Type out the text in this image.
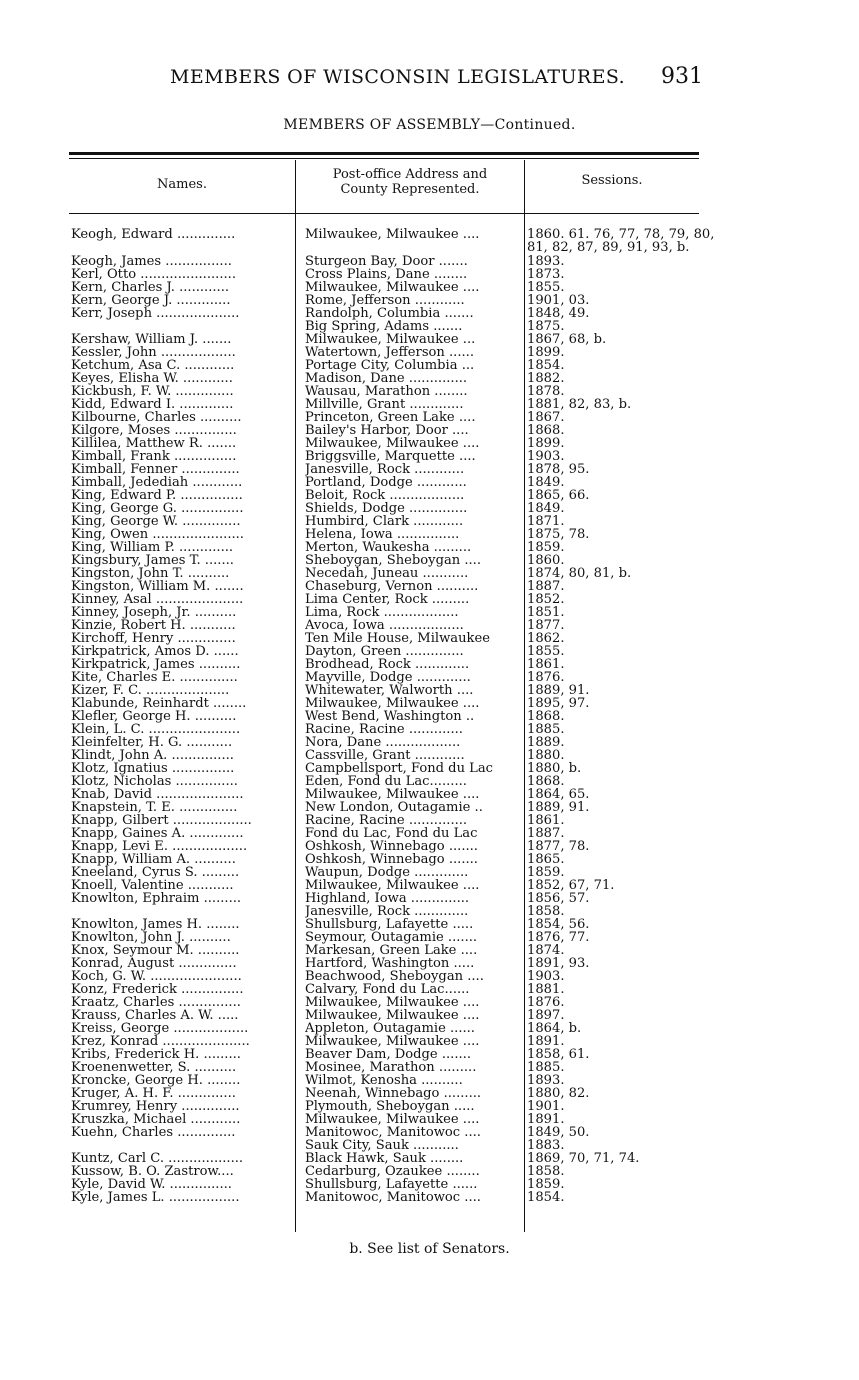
MEMBERS OF WISCONSIN LEGISLATURES. 931
MEMBERS OF ASSEMBLY—Continued.
Names.
Post-office Address and
County Represented.
Sessions.
Keogh, Edward ..............	Milwaukee, Milwaukee ....	1860. 61. 76, 77, 78, 79, 80,
81, 82, 87, 89, 91, 93, b.
Keogh, James ................	Sturgeon Bay, Door .......	1893.
Kerl, Otto .......................	Cross Plains, Dane ........	1873.
Kern, Charles J. ............	Milwaukee, Milwaukee ....	1855.
Kern, George J. .............	Rome, Jefferson ............	1901, 03.
Kerr, Joseph ....................	Randolph, Columbia .......	1848, 49.
Big Spring, Adams .......	1875.
Kershaw, William J. .......	Milwaukee, Milwaukee ...	1867, 68, b.
Kessler, John ..................	Watertown, Jefferson ......	1899.
Ketchum, Asa C. ............	Portage City, Columbia ...	1854.
Keyes, Elisha W. ............	Madison, Dane ..............	1882.
Kickbush, F. W. ..............	Wausau, Marathon ........	1878.
Kidd, Edward I. .............	Millville, Grant .............	1881, 82, 83, b.
Kilbourne, Charles ..........	Princeton, Green Lake ....	1867.
Kilgore, Moses ...............	Bailey's Harbor, Door ....	1868.
Killilea, Matthew R. .......	Milwaukee, Milwaukee ....	1899.
Kimball, Frank ...............	Briggsville, Marquette ....	1903.
Kimball, Fenner ..............	Janesville, Rock ............	1878, 95.
Kimball, Jedediah ............	Portland, Dodge ............	1849.
King, Edward P. ...............	Beloit, Rock ..................	1865, 66.
King, George G. ...............	Shields, Dodge ..............	1849.
King, George W. ..............	Humbird, Clark ............	1871.
King, Owen ......................	Helena, Iowa ...............	1875, 78.
King, William P. .............	Merton, Waukesha .........	1859.
Kingsbury, James T. .......	Sheboygan, Sheboygan ....	1860.
Kingston, John T. ..........	Necedah, Juneau ...........	1874, 80, 81, b.
Kingston, William M. .......	Chaseburg, Vernon ..........	1887.
Kinney, Asal .....................	Lima Center, Rock .........	1852.
Kinney, Joseph, Jr. ..........	Lima, Rock ..................	1851.
Kinzie, Robert H. ...........	Avoca, Iowa ..................	1877.
Kirchoff, Henry ..............	Ten Mile House, Milwaukee	1862.
Kirkpatrick, Amos D. ......	Dayton, Green ..............	1855.
Kirkpatrick, James ..........	Brodhead, Rock .............	1861.
Kite, Charles E. ..............	Mayville, Dodge .............	1876.
Kizer, F. C. ....................	Whitewater, Walworth ....	1889, 91.
Klabunde, Reinhardt ........	Milwaukee, Milwaukee ....	1895, 97.
Klefler, George H. ..........	West Bend, Washington ..	1868.
Klein, L. C. ......................	Racine, Racine .............	1885.
Kleinfelter, H. G. ...........	Nora, Dane ..................	1889.
Klindt, John A. ...............	Cassville, Grant ............	1880.
Klotz, Ignatius ...............	Campbellsport, Fond du Lac	1880, b.
Klotz, Nicholas ...............	Eden, Fond du Lac.........	1868.
Knab, David .....................	Milwaukee, Milwaukee ....	1864, 65.
Knapstein, T. E. ..............	New London, Outagamie ..	1889, 91.
Knapp, Gilbert ...................	Racine, Racine ..............	1861.
Knapp, Gaines A. .............	Fond du Lac, Fond du Lac	1887.
Knapp, Levi E. ..................	Oshkosh, Winnebago .......	1877, 78.
Knapp, William A. ..........	Oshkosh, Winnebago .......	1865.
Kneeland, Cyrus S. .........	Waupun, Dodge .............	1859.
Knoell, Valentine ...........	Milwaukee, Milwaukee ....	1852, 67, 71.
Knowlton, Ephraim .........	Highland, Iowa ..............	1856, 57.
Janesville, Rock .............	1858.
Knowlton, James H. ........	Shullsburg, Lafayette .....	1854, 56.
Knowlton, John J. ..........	Seymour, Outagamie .......	1876, 77.
Knox, Seymour M. ..........	Markesan, Green Lake ....	1874.
Konrad, August ..............	Hartford, Washington .....	1891, 93.
Koch, G. W. ......................	Beachwood, Sheboygan ....	1903.
Konz, Frederick ...............	Calvary, Fond du Lac......	1881.
Kraatz, Charles ...............	Milwaukee, Milwaukee ....	1876.
Krauss, Charles A. W. .....	Milwaukee, Milwaukee ....	1897.
Kreiss, George ..................	Appleton, Outagamie ......	1864, b.
Krez, Konrad .....................	Milwaukee, Milwaukee ....	1891.
Kribs, Frederick H. .........	Beaver Dam, Dodge .......	1858, 61.
Kroenenwetter, S. ..........	Mosinee, Marathon .........	1885.
Kroncke, George H. ........	Wilmot, Kenosha ..........	1893.
Kruger, A. H. F. ..............	Neenah, Winnebago .........	1880, 82.
Krumrey, Henry ..............	Plymouth, Sheboygan .....	1901.
Kruszka, Michael ............	Milwaukee, Milwaukee ....	1891.
Kuehn, Charles ..............	Manitowoc, Manitowoc ....	1849, 50.
Sauk City, Sauk ...........	1883.
Kuntz, Carl C. ..................	Black Hawk, Sauk ........	1869, 70, 71, 74.
Kussow, B. O. Zastrow....	Cedarburg, Ozaukee ........	1858.
Kyle, David W. ...............	Shullsburg, Lafayette ......	1859.
Kyle, James L. .................	Manitowoc, Manitowoc ....	1854.
b. See list of Senators.
